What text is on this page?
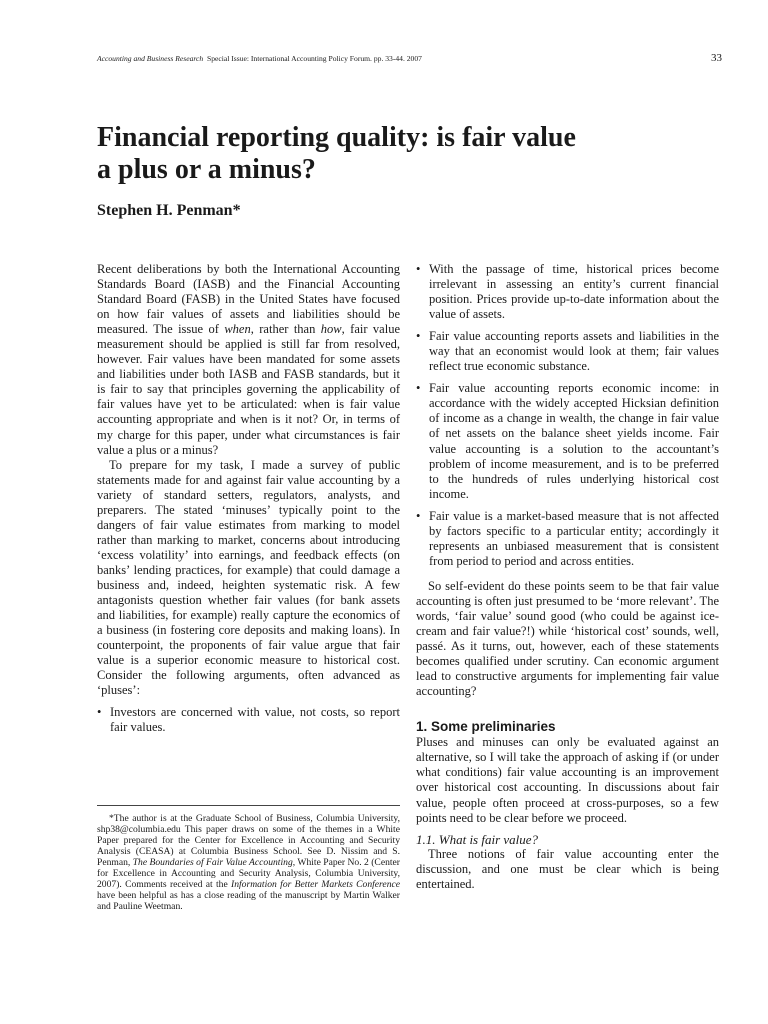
Accounting and Business Research Special Issue: International Accounting Policy Forum. pp. 33-44. 2007	33
Financial reporting quality: is fair value
a plus or a minus?

Stephen H. Penman*

Recent deliberations by both the International Accounting Standards Board (IASB) and the Financial Accounting Standard Board (FASB) in the United States have focused on how fair values of assets and liabilities should be measured. The issue of when, rather than how, fair value measurement should be applied is still far from resolved, however. Fair values have been mandated for some assets and liabilities under both IASB and FASB standards, but it is fair to say that principles governing the applicability of fair values have yet to be articulated: when is fair value accounting appropriate and when is it not? Or, in terms of my charge for this paper, under what circumstances is fair value a plus or a minus?

To prepare for my task, I made a survey of public statements made for and against fair value accounting by a variety of standard setters, regulators, analysts, and preparers. The stated ‘minuses’ typically point to the dangers of fair value estimates from marking to model rather than marking to market, concerns about introducing ‘excess volatility’ into earnings, and feedback effects (on banks’ lending practices, for example) that could damage a business and, indeed, heighten systematic risk. A few antagonists question whether fair values (for bank assets and liabilities, for example) really capture the economics of a business (in fostering core deposits and making loans). In counterpoint, the proponents of fair value argue that fair value is a superior economic measure to historical cost. Consider the following arguments, often advanced as ‘pluses’:

• Investors are concerned with value, not costs, so report fair values.

*The author is at the Graduate School of Business, Columbia University, shp38@columbia.edu This paper draws on some of the themes in a White Paper prepared for the Center for Excellence in Accounting and Security Analysis (CEASA) at Columbia Business School. See D. Nissim and S. Penman, The Boundaries of Fair Value Accounting, White Paper No. 2 (Center for Excellence in Accounting and Security Analysis, Columbia University, 2007). Comments received at the Information for Better Markets Conference have been helpful as has a close reading of the manuscript by Martin Walker and Pauline Weetman.

• With the passage of time, historical prices become irrelevant in assessing an entity’s current financial position. Prices provide up-to-date information about the value of assets.
• Fair value accounting reports assets and liabilities in the way that an economist would look at them; fair values reflect true economic substance.
• Fair value accounting reports economic income: in accordance with the widely accepted Hicksian definition of income as a change in wealth, the change in fair value of net assets on the balance sheet yields income. Fair value accounting is a solution to the accountant’s problem of income measurement, and is to be preferred to the hundreds of rules underlying historical cost income.
• Fair value is a market-based measure that is not affected by factors specific to a particular entity; accordingly it represents an unbiased measurement that is consistent from period to period and across entities.

So self-evident do these points seem to be that fair value accounting is often just presumed to be ‘more relevant’. The words, ‘fair value’ sound good (who could be against ice-cream and fair value?!) while ‘historical cost’ sounds, well, passé. As it turns, out, however, each of these statements becomes qualified under scrutiny. Can economic argument lead to constructive arguments for implementing fair value accounting?

1. Some preliminaries

Pluses and minuses can only be evaluated against an alternative, so I will take the approach of asking if (or under what conditions) fair value accounting is an improvement over historical cost accounting. In discussions about fair value, people often proceed at cross-purposes, so a few points need to be clear before we proceed.

1.1. What is fair value?

Three notions of fair value accounting enter the discussion, and one must be clear which is being entertained.
